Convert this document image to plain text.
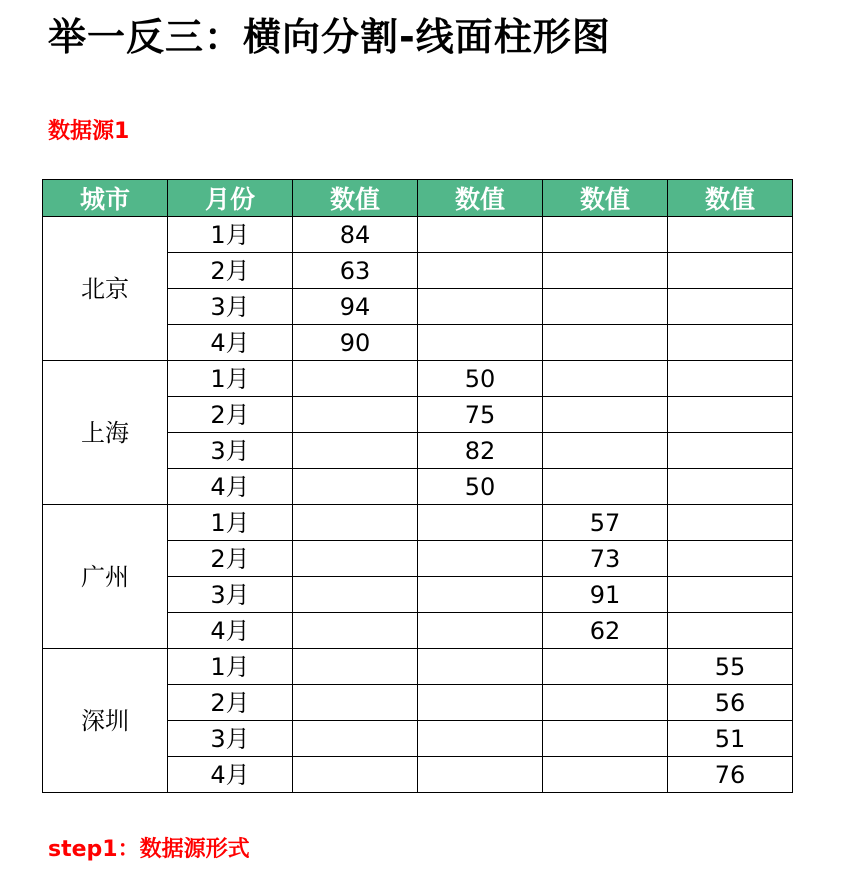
举一反三：横向分割-线面柱形图
数据源1
城市	月份	数值	数值	数值	数值
北京	1月	84			
	2月	63			
	3月	94			
	4月	90			
上海	1月		50		
	2月		75		
	3月		82		
	4月		50		
广州	1月			57	
	2月			73	
	3月			91	
	4月			62	
深圳	1月				55
	2月				56
	3月				51
	4月				76
step1：数据源形式
